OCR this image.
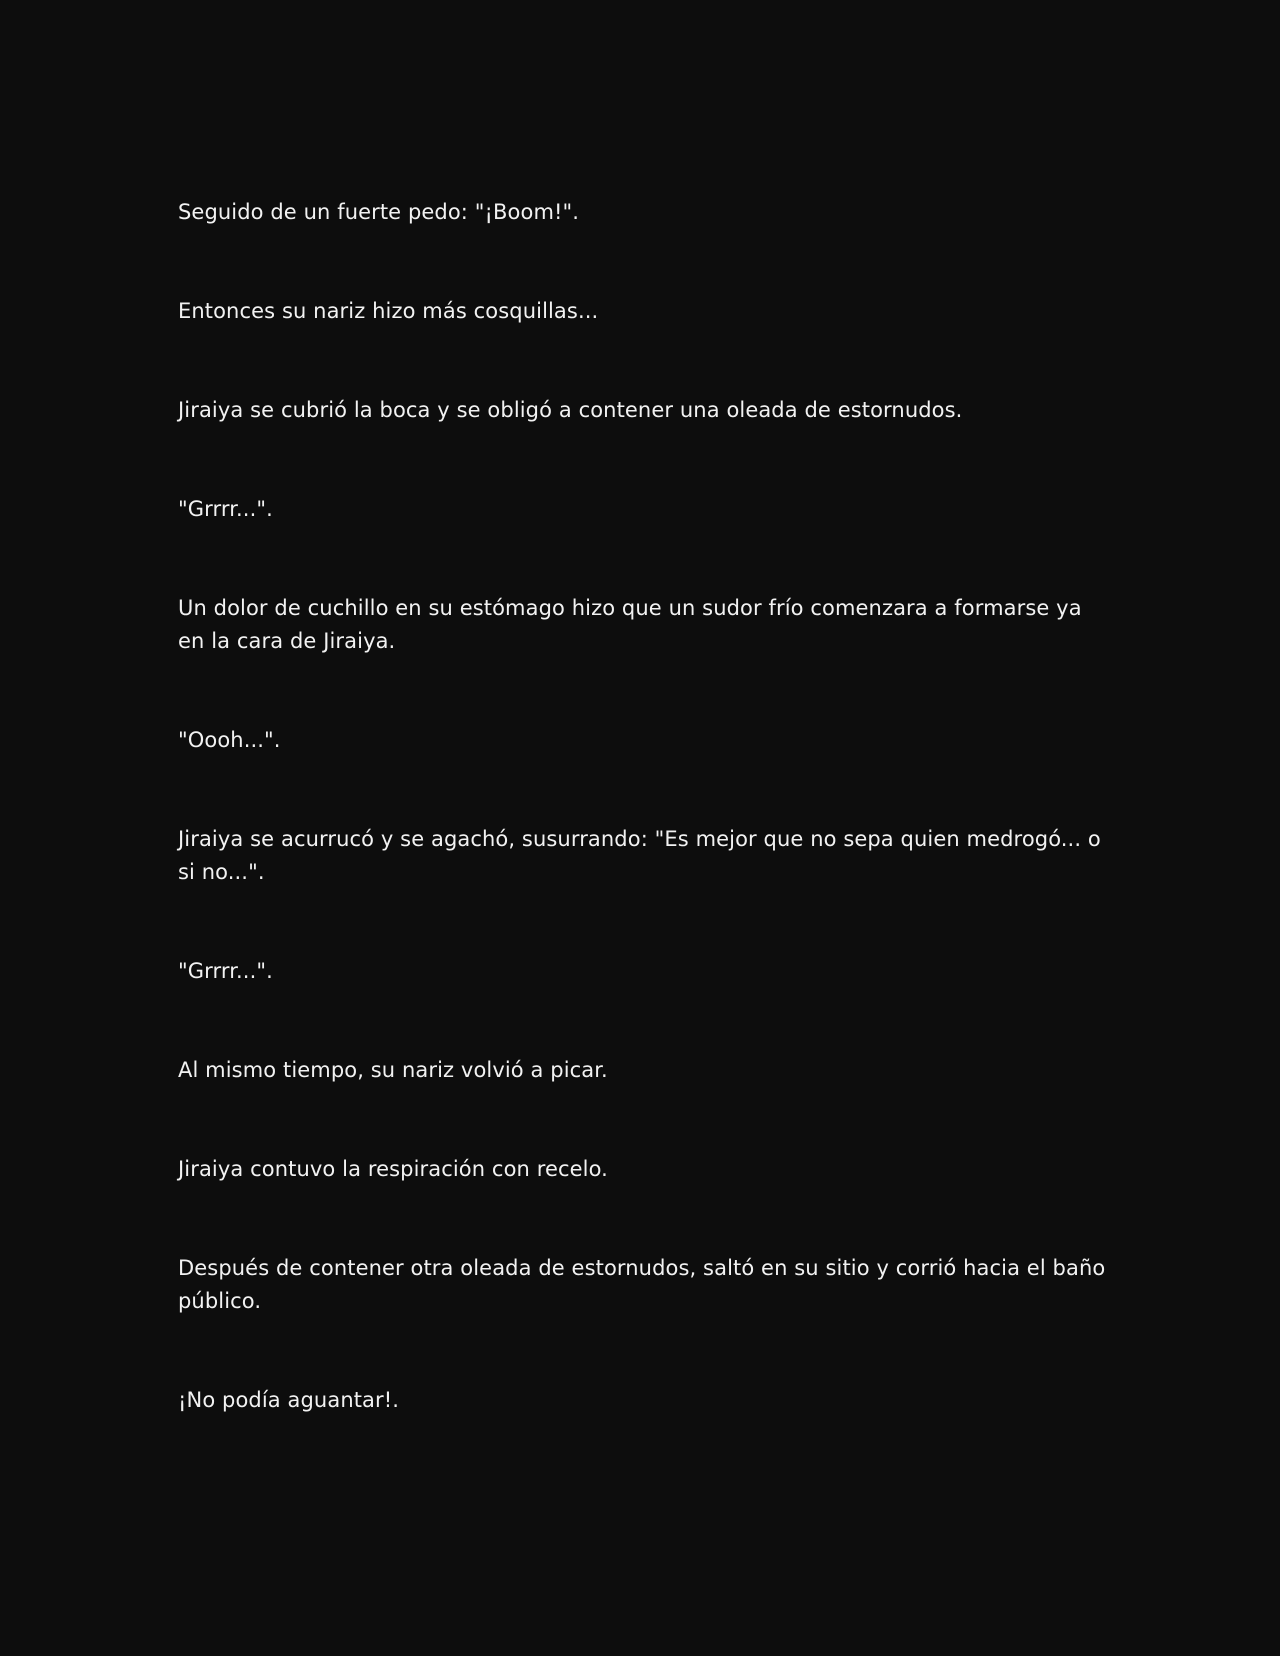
Seguido de un fuerte pedo: "¡Boom!".

Entonces su nariz hizo más cosquillas...

Jiraiya se cubrió la boca y se obligó a contener una oleada de estornudos.

"Grrrr...".

Un dolor de cuchillo en su estómago hizo que un sudor frío comenzara a formarse ya en la cara de Jiraiya.

"Oooh...".

Jiraiya se acurrucó y se agachó, susurrando: "Es mejor que no sepa quien medrogó... o si no...".

"Grrrr...".

Al mismo tiempo, su nariz volvió a picar.

Jiraiya contuvo la respiración con recelo.

Después de contener otra oleada de estornudos, saltó en su sitio y corrió hacia el baño público.

¡No podía aguantar!.
